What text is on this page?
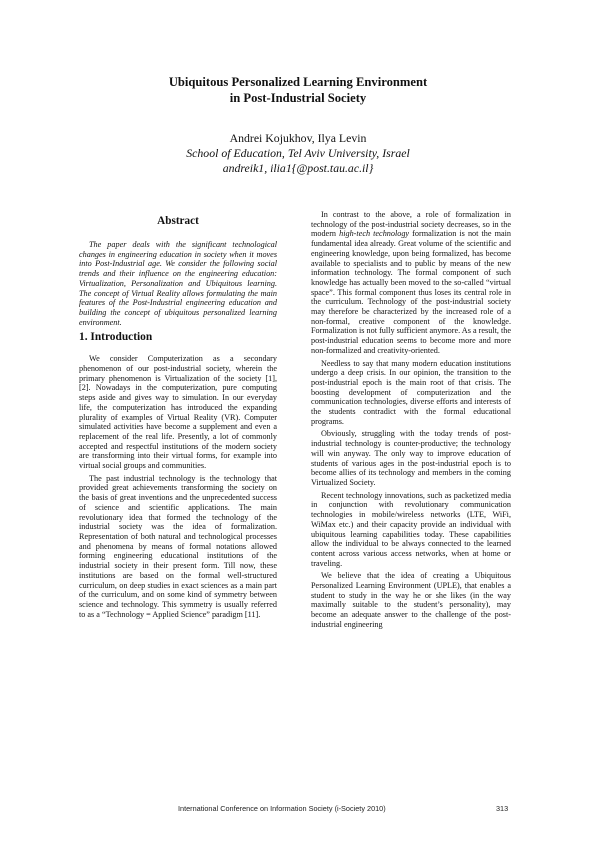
Ubiquitous Personalized Learning Environment
in Post-Industrial Society
Andrei Kojukhov, Ilya Levin
School of Education, Tel Aviv University, Israel
andreik1, ilia1{@post.tau.ac.il}
Abstract

The paper deals with the significant technological changes in engineering education in society when it moves into Post-Industrial age. We consider the following social trends and their influence on the engineering education: Virtualization, Personalization and Ubiquitous learning. The concept of Virtual Reality allows formulating the main features of the Post-Industrial engineering education and building the concept of ubiquitous personalized learning environment.

1. Introduction

We consider Computerization as a secondary phenomenon of our post-industrial society, wherein the primary phenomenon is Virtualization of the society [1], [2]. Nowadays in the computerization, pure computing steps aside and gives way to simulation. In our everyday life, the computerization has introduced the expanding plurality of examples of Virtual Reality (VR). Computer simulated activities have become a supplement and even a replacement of the real life. Presently, a lot of commonly accepted and respectful institutions of the modern society are transforming into their virtual forms, for example into virtual social groups and communities.

The past industrial technology is the technology that provided great achievements transforming the society on the basis of great inventions and the unprecedented success of science and scientific applications. The main revolutionary idea that formed the technology of the industrial society was the idea of formalization. Representation of both natural and technological processes and phenomena by means of formal notations allowed forming engineering educational institutions of the industrial society in their present form. Till now, these institutions are based on the formal well-structured curriculum, on deep studies in exact sciences as a main part of the curriculum, and on some kind of symmetry between science and technology. This symmetry is usually referred to as a “Technology = Applied Science” paradigm [11].

In contrast to the above, a role of formalization in technology of the post-industrial society decreases, so in the modern high-tech technology formalization is not the main fundamental idea already. Great volume of the scientific and engineering knowledge, upon being formalized, has become available to specialists and to public by means of the new information technology. The formal component of such knowledge has actually been moved to the so-called “virtual space”. This formal component thus loses its central role in the curriculum. Technology of the post-industrial society may therefore be characterized by the increased role of a non-formal, creative component of the knowledge. Formalization is not fully sufficient anymore. As a result, the post-industrial education seems to become more and more non-formalized and creativity-oriented.

Needless to say that many modern education institutions undergo a deep crisis. In our opinion, the transition to the post-industrial epoch is the main root of that crisis. The boosting development of computerization and the communication technologies, diverse efforts and interests of the students contradict with the formal educational programs.

Obviously, struggling with the today trends of post-industrial technology is counter-productive; the technology will win anyway. The only way to improve education of students of various ages in the post-industrial epoch is to become allies of its technology and members in the coming Virtualized Society.

Recent technology innovations, such as packetized media in conjunction with revolutionary communication technologies in mobile/wireless networks (LTE, WiFi, WiMax etc.) and their capacity provide an individual with ubiquitous learning capabilities today. These capabilities allow the individual to be always connected to the learned content across various access networks, when at home or traveling.

We believe that the idea of creating a Ubiquitous Personalized Learning Environment (UPLE), that enables a student to study in the way he or she likes (in the way maximally suitable to the student’s personality), may become an adequate answer to the challenge of the post-industrial engineering

International Conference on Information Society (i-Society 2010)	313
